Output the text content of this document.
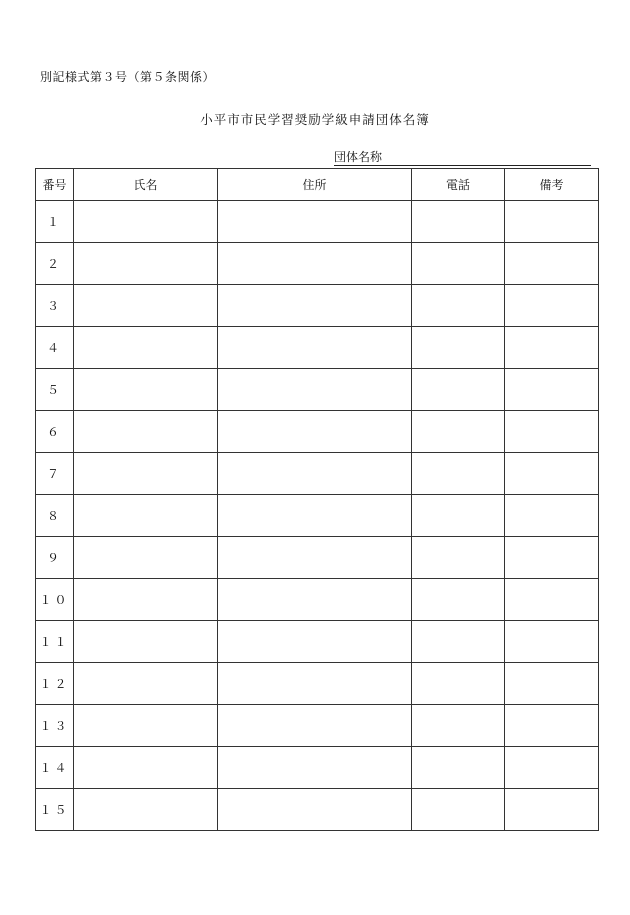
別記様式第３号（第５条関係）
小平市市民学習奨励学級申請団体名簿
団体名称
番号	氏名	住所	電話	備考
１				
２				
３				
４				
５				
６				
７				
８				
９				
１０				
１１				
１２				
１３				
１４				
１５				
